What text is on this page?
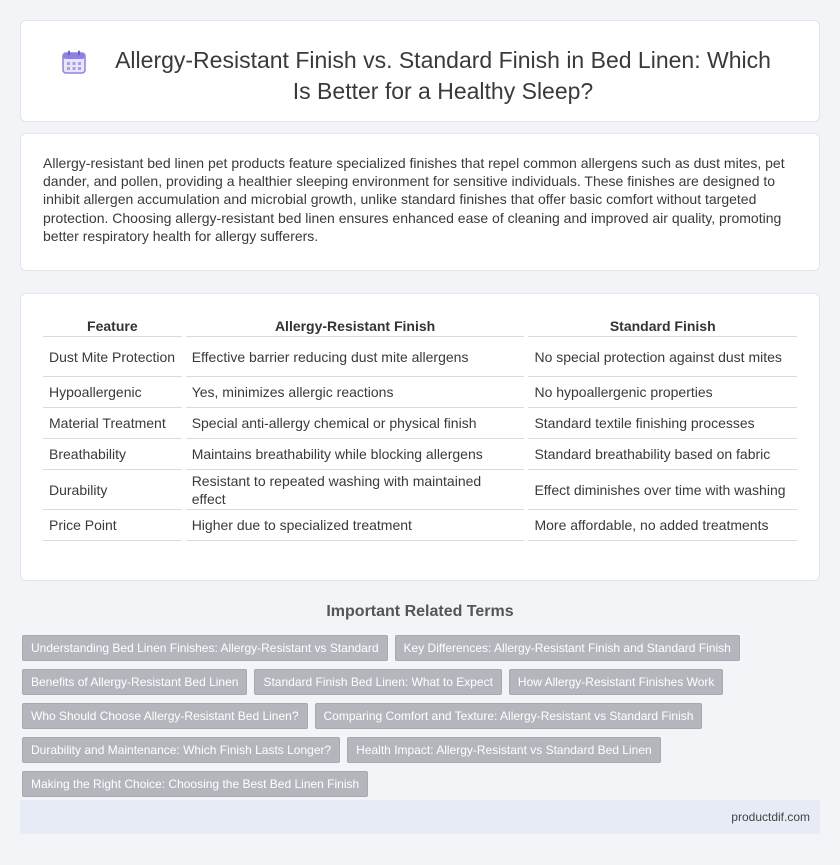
Allergy-Resistant Finish vs. Standard Finish in Bed Linen: Which Is Better for a Healthy Sleep?

Allergy-resistant bed linen pet products feature specialized finishes that repel common allergens such as dust mites, pet dander, and pollen, providing a healthier sleeping environment for sensitive individuals. These finishes are designed to inhibit allergen accumulation and microbial growth, unlike standard finishes that offer basic comfort without targeted protection. Choosing allergy-resistant bed linen ensures enhanced ease of cleaning and improved air quality, promoting better respiratory health for allergy sufferers.

Feature	Allergy-Resistant Finish	Standard Finish
Dust Mite Protection	Effective barrier reducing dust mite allergens	No special protection against dust mites
Hypoallergenic	Yes, minimizes allergic reactions	No hypoallergenic properties
Material Treatment	Special anti-allergy chemical or physical finish	Standard textile finishing processes
Breathability	Maintains breathability while blocking allergens	Standard breathability based on fabric
Durability	Resistant to repeated washing with maintained effect	Effect diminishes over time with washing
Price Point	Higher due to specialized treatment	More affordable, no added treatments
Important Related Terms
Understanding Bed Linen Finishes: Allergy-Resistant vs Standard	Key Differences: Allergy-Resistant Finish and Standard Finish
Benefits of Allergy-Resistant Bed Linen	Standard Finish Bed Linen: What to Expect	How Allergy-Resistant Finishes Work
Who Should Choose Allergy-Resistant Bed Linen?	Comparing Comfort and Texture: Allergy-Resistant vs Standard Finish
Durability and Maintenance: Which Finish Lasts Longer?	Health Impact: Allergy-Resistant vs Standard Bed Linen
Making the Right Choice: Choosing the Best Bed Linen Finish
productdif.com
